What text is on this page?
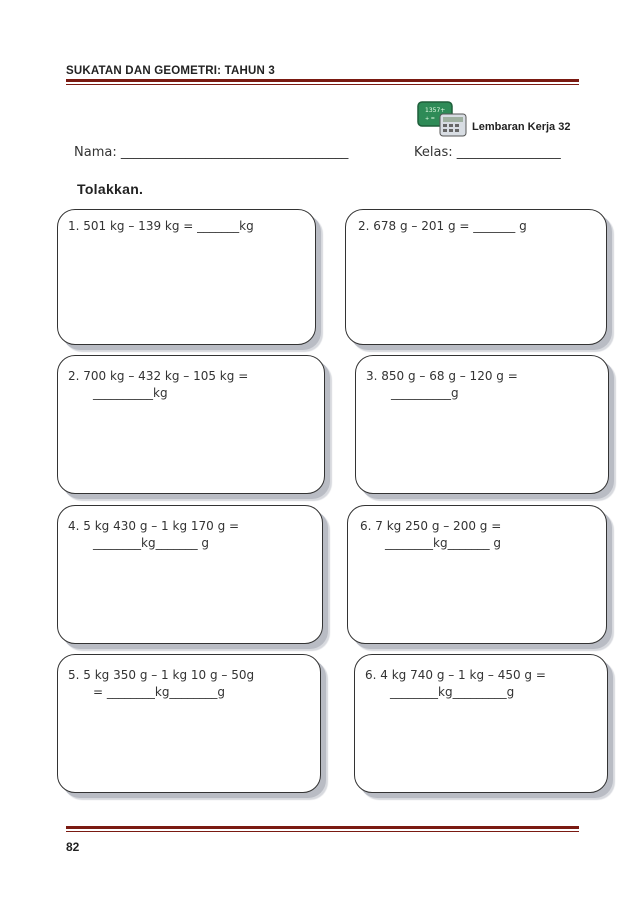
SUKATAN DAN GEOMETRI: TAHUN 3
1357+
+ =
Lembaran Kerja 32
Nama: ___________________________________	Kelas: ________________
Tolakkan.
1. 501 kg – 139 kg = _______kg	2. 678 g – 201 g = _______ g
2. 700 kg – 432 kg – 105 kg =
__________kg
3. 850 g – 68 g – 120 g =
__________g
4. 5 kg 430 g – 1 kg 170 g =
________kg_______ g
6. 7 kg 250 g – 200 g =
________kg_______ g
5. 5 kg 350 g – 1 kg 10 g – 50g
= ________kg________g
6. 4 kg 740 g – 1 kg – 450 g =
________kg_________g
82
